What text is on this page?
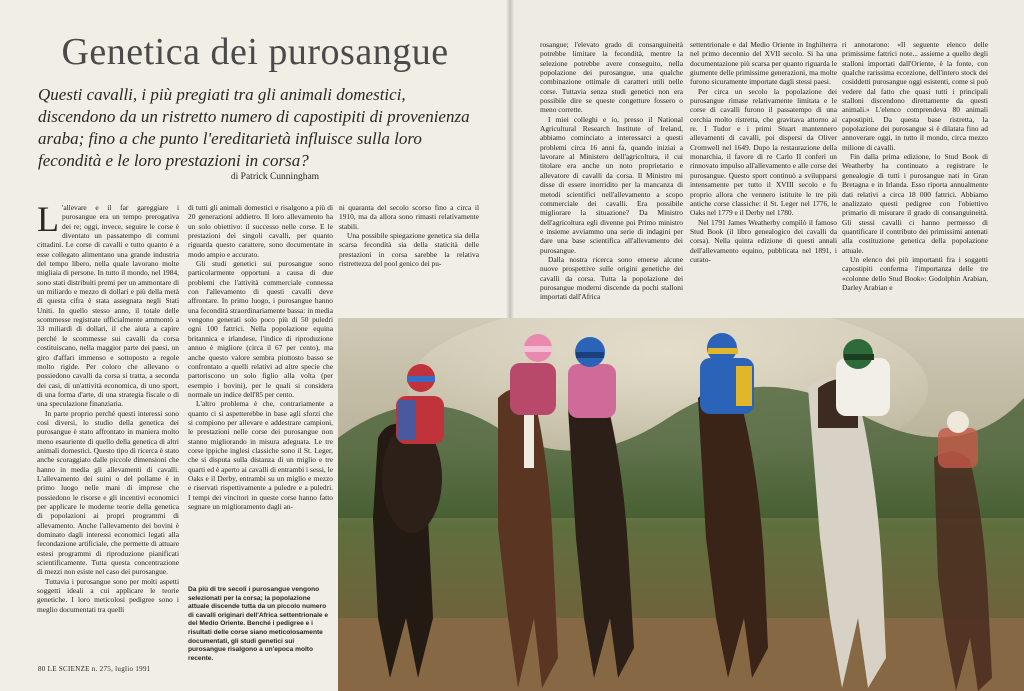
Genetica dei purosangue
Questi cavalli, i più pregiati tra gli animali domestici, discendono da un ristretto numero di capostipiti di provenienza araba; fino a che punto l'ereditarietà influisce sulla loro fecondità e le loro prestazioni in corsa?
di Patrick Cunningham
L 'allevare e il far gareggiare i purosangue era un tempo prerogativa dei re; oggi, invece, seguire le corse è diventato un passatempo di comuni cittadini. Le corse di cavalli e tutto quanto è a esse collegato alimentano una grande industria del tempo libero, nella quale lavorano molte migliaia di persone. In tutto il mondo, nel 1984, sono stati distribuiti premi per un ammontare di un miliardo e mezzo di dollari e più della metà di questa cifra è stata assegnata negli Stati Uniti. In quello stesso anno, il totale delle scommesse registrate ufficialmente ammontò a 33 miliardi di dollari, il che aiuta a capire perché le scommesse sui cavalli da corsa costituiscano, nella maggior parte dei paesi, un giro d'affari immenso e sottoposto a regole molto rigide. Per coloro che allevano o possiedono cavalli da corsa si tratta, a seconda dei casi, di un'attività economica, di uno sport, di una forma d'arte, di una strategia fiscale o di una speculazione finanziaria.

In parte proprio perché questi interessi sono così diversi, lo studio della genetica dei purosangue è stato affrontato in maniera molto meno esauriente di quello della genetica di altri animali domestici. Questo tipo di ricerca è stato anche scoraggiato dalle piccole dimensioni che hanno in media gli allevamenti di cavalli. L'allevamento dei suini o del pollame è in primo luogo nelle mani di imprese che possiedono le risorse e gli incentivi economici per applicare le moderne teorie della genetica di popolazioni ai propri programmi di allevamento. Anche l'allevamento dei bovini è dominato dagli interessi economici legati alla fecondazione artificiale, che permette di attuare estesi programmi di riproduzione pianificati scientificamente. Tutta questa concentrazione di mezzi non esiste nel caso dei purosangue.

Tuttavia i purosangue sono per molti aspetti soggetti ideali a cui applicare le teorie genetiche. I loro meticolosi pedigree sono i meglio documentati tra quelli

di tutti gli animali domestici e risalgono a più di 20 generazioni addietro. Il loro allevamento ha un solo obiettivo: il successo nelle corse. E le prestazioni dei singoli cavalli, per quanto riguarda questo carattere, sono documentate in modo ampio e accurato.

Gli studi genetici sui purosangue sono particolarmente opportuni a causa di due problemi che l'attività commerciale connessa con l'allevamento di questi cavalli deve affrontare. In primo luogo, i purosangue hanno una fecondità straordinariamente bassa: in media vengono generati solo poco più di 50 puledri ogni 100 fattrici. Nella popolazione equina britannica e irlandese, l'indice di riproduzione annuo è migliore (circa il 67 per cento), ma anche questo valore sembra piuttosto basso se confrontato a quelli relativi ad altre specie che partoriscono un solo figlio alla volta (per esempio i bovini), per le quali si considera normale un indice dell'85 per cento.

L'altro problema è che, contrariamente a quanto ci si aspetterebbe in base agli sforzi che si compiono per allevare e addestrare campioni, le prestazioni nelle corse dei purosangue non stanno migliorando in misura adeguata. Le tre corse ippiche inglesi classiche sono il St. Leger, che si disputa sulla distanza di un miglio e tre quarti ed è aperto ai cavalli di entrambi i sessi, le Oaks e il Derby, entrambi su un miglio e mezzo e riservati rispettivamente a puledre e a puledri. I tempi dei vincitori in queste corse hanno fatto segnare un miglioramento dagli an-

ni quaranta del secolo scorso fino a circa il 1910, ma da allora sono rimasti relativamente stabili.

Una possibile spiegazione genetica sia della scarsa fecondità sia della staticità delle prestazioni in corsa sarebbe la relativa ristrettezza del pool genico dei pu-

Da più di tre secoli i purosangue vengono selezionati per la corsa; la popolazione attuale discende tutta da un piccolo numero di cavalli originari dell'Africa settentrionale e del Medio Oriente. Benché i pedigree e i risultati delle corse siano meticolosamente documentati, gli studi genetici sui purosangue risalgono a un'epoca molto recente.
80 LE SCIENZE n. 275, luglio 1991

rosangue; l'elevato grado di consanguineità potrebbe limitare la fecondità, mentre la selezione potrebbe avere conseguito, nella popolazione dei purosangue, una qualche combinazione ottimale di caratteri utili nelle corse. Tuttavia senza studi genetici non era possibile dire se queste congetture fossero o meno corrette.

I miei colleghi e io, presso il National Agricultural Research Institute of Ireland, abbiamo cominciato a interessarci a questi problemi circa 16 anni fa, quando iniziai a lavorare al Ministero dell'agricoltura, il cui titolare era anche un noto proprietario e allevatore di cavalli da corsa. Il Ministro mi disse di essere inorridito per la mancanza di metodi scientifici nell'allevamento a scopo commerciale dei cavalli. Era possibile migliorare la situazione? Da Ministro dell'agricoltura egli divenne poi Primo ministro e insieme avviammo una serie di indagini per dare una base scientifica all'allevamento dei purosangue.

Dalla nostra ricerca sono emerse alcune nuove prospettive sulle origini genetiche dei cavalli da corsa. Tutta la popolazione dei purosangue moderni discende da pochi stalloni importati dall'Africa

settentrionale e dal Medio Oriente in Inghilterra nel primo decennio del XVII secolo. Si ha una documentazione più scarsa per quanto riguarda le giumente delle primissime generazioni, ma molte furono sicuramente importate dagli stessi paesi.

Per circa un secolo la popolazione dei purosangue rimase relativamente limitata e le corse di cavalli furono il passatempo di una cerchia molto ristretta, che gravitava attorno ai re. I Tudor e i primi Stuart mantennero allevamenti di cavalli, poi dispersi da Oliver Cromwell nel 1649. Dopo la restaurazione della monarchia, il favore di re Carlo II conferì un rinnovato impulso all'allevamento e alle corse dei purosangue. Questo sport continuò a svilupparsi intensamente per tutto il XVIII secolo e fu proprio allora che vennero istituite le tre più antiche corse classiche: il St. Leger nel 1776, le Oaks nel 1779 e il Derby nel 1780.

Nel 1791 James Weatherby compilò il famoso Stud Book (il libro genealogico dei cavalli da corsa). Nella quinta edizione di questi annali dell'allevamento equino, pubblicata nel 1891, i curato-

ri annotarono: «Il seguente elenco delle primissime fattrici note... assieme a quello degli stalloni importati dall'Oriente, è la fonte, con qualche rarissima eccezione, dell'intero stock dei cosiddetti purosangue oggi esistenti, come si può vedere dal fatto che quasi tutti i principali stalloni discendono direttamente da questi animali.» L'elenco comprendeva 80 animali capostipiti. Da questa base ristretta, la popolazione dei purosangue si è dilatata fino ad annoverare oggi, in tutto il mondo, circa mezzo milione di cavalli.

Fin dalla prima edizione, lo Stud Book di Weatherby ha continuato a registrare le genealogie di tutti i purosangue nati in Gran Bretagna e in Irlanda. Esso riporta annualmente dati relativi a circa 18 000 fattrici. Abbiamo analizzato questi pedigree con l'obiettivo primario di misurare il grado di consanguineità. Gli stessi cavalli ci hanno permesso di quantificare il contributo dei primissimi antenati alla costituzione genetica della popolazione attuale.

Un elenco dei più importanti fra i soggetti capostipiti conferma l'importanza delle tre «colonne dello Stud Book»: Godolphin Arabian, Darley Arabian e
